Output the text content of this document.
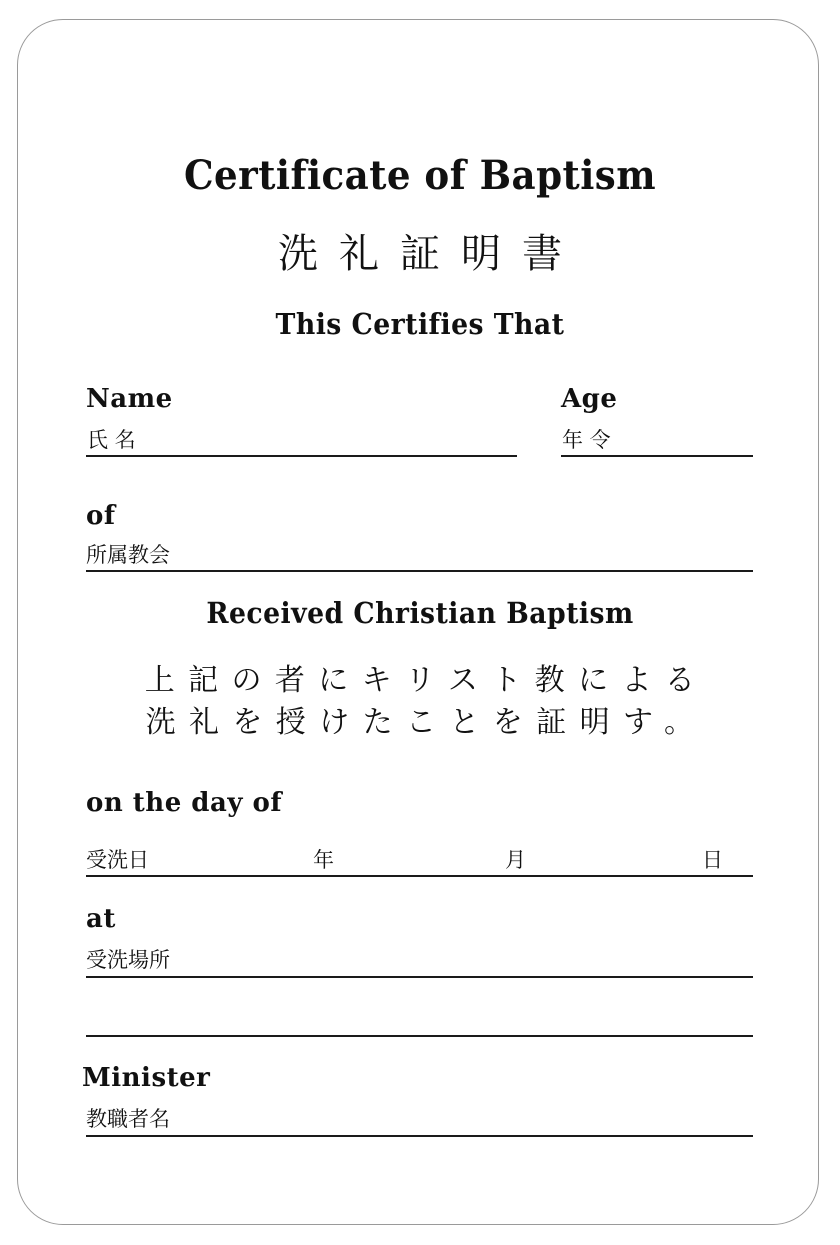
Certificate of Baptism
洗礼証明書
This Certifies That
Name
氏 名
Age
年 令
of
所属教会
Received Christian Baptism
上記の者にキリスト教による
洗礼を授けたことを証明す。
on the day of
受洗日	年	月	日
at
受洗場所
Minister
教職者名
